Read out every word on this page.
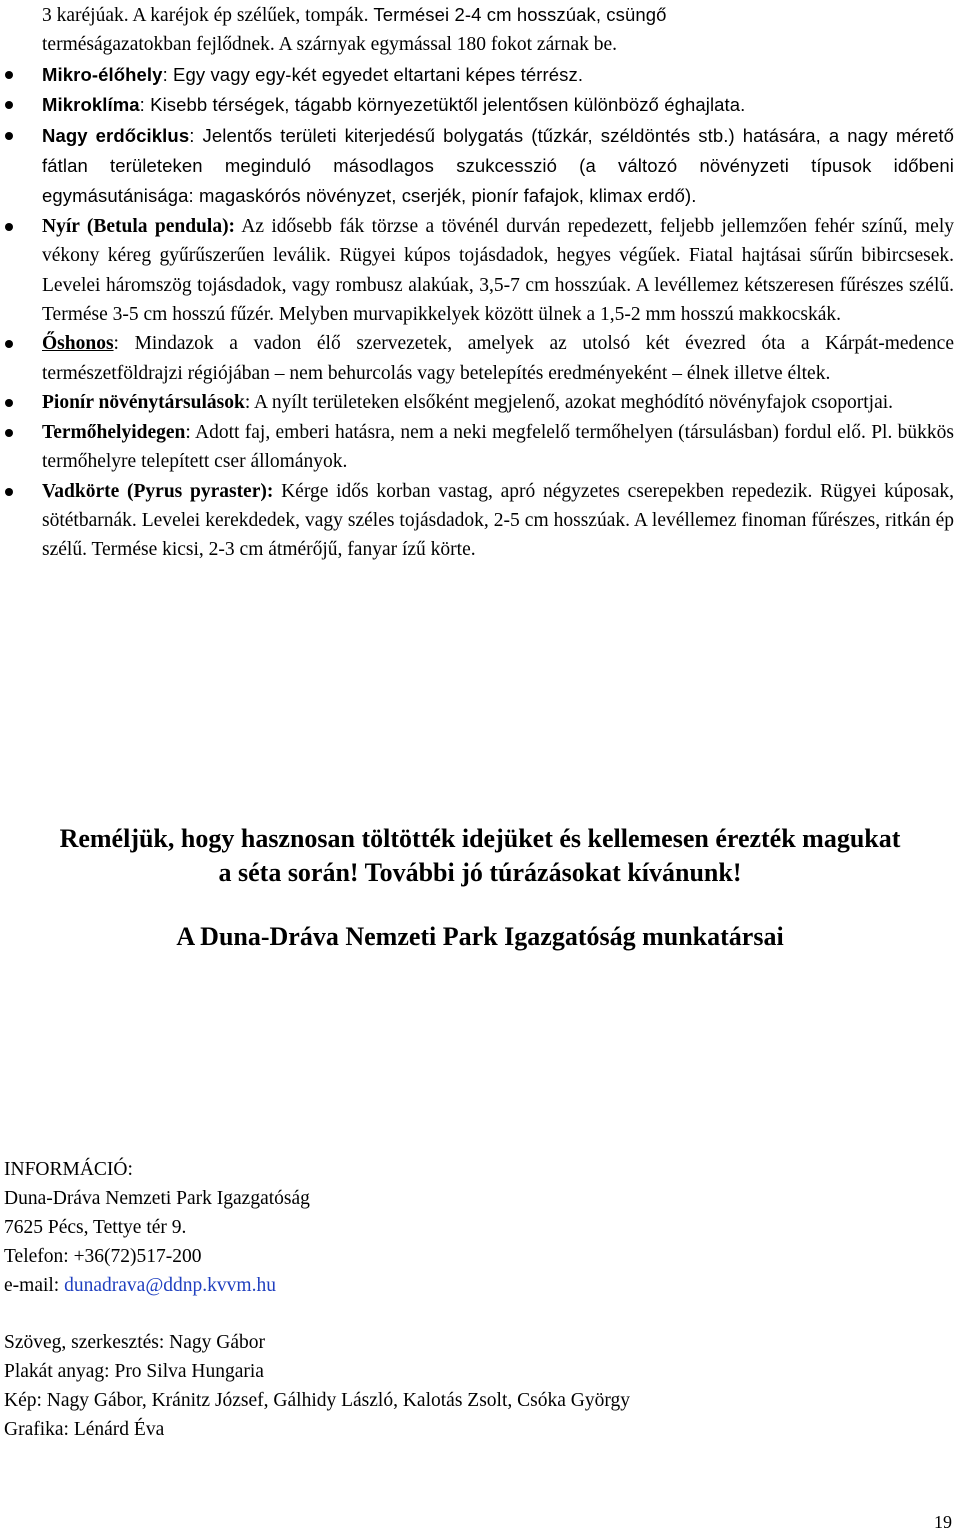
3 karéjúak. A karéjok ép szélűek, tompák. Termései 2-4 cm hosszúak, csüngő
terméságazatokban fejlődnek. A szárnyak egymással 180 fokot zárnak be.

Mikro-élőhely: Egy vagy egy-két egyedet eltartani képes térrész.
Mikroklíma: Kisebb térségek, tágabb környezetüktől jelentősen különböző éghajlata.
Nagy erdőciklus: Jelentős területi kiterjedésű bolygatás (tűzkár, széldöntés stb.) hatására, a nagy mérető fátlan területeken meginduló másodlagos szukcesszió (a változó növényzeti típusok időbeni egymásutánisága: magaskórós növényzet, cserjék, pionír fafajok, klimax erdő).
Nyír (Betula pendula): Az idősebb fák törzse a tövénél durván repedezett, feljebb jellemzően fehér színű, mely vékony kéreg gyűrűszerűen leválik. Rügyei kúpos tojásdadok, hegyes végűek. Fiatal hajtásai sűrűn bibircsesek. Levelei háromszög tojásdadok, vagy rombusz alakúak, 3,5-7 cm hosszúak. A levéllemez kétszeresen fűrészes szélű. Termése 3-5 cm hosszú fűzér. Melyben murvapikkelyek között ülnek a 1,5-2 mm hosszú makkocskák.
Őshonos: Mindazok a vadon élő szervezetek, amelyek az utolsó két évezred óta a Kárpát-medence természetföldrajzi régiójában – nem behurcolás vagy betelepítés eredményeként – élnek illetve éltek.
Pionír növénytársulások: A nyílt területeken elsőként megjelenő, azokat meghódító növényfajok csoportjai.
Termőhelyidegen: Adott faj, emberi hatásra, nem a neki megfelelő termőhelyen (társulásban) fordul elő. Pl. bükkös termőhelyre telepített cser állományok.
Vadkörte (Pyrus pyraster): Kérge idős korban vastag, apró négyzetes cserepekben repedezik. Rügyei kúposak, sötétbarnák. Levelei kerekdedek, vagy széles tojásdadok, 2-5 cm hosszúak. A levéllemez finoman fűrészes, ritkán ép szélű. Termése kicsi, 2-3 cm átmérőjű, fanyar ízű körte.
Reméljük, hogy hasznosan töltötték idejüket és kellemesen érezték magukat
a séta során! További jó túrázásokat kívánunk!
A Duna-Dráva Nemzeti Park Igazgatóság munkatársai
INFORMÁCIÓ:
Duna-Dráva Nemzeti Park Igazgatóság
7625 Pécs, Tettye tér 9.
Telefon: +36(72)517-200
e-mail: dunadrava@ddnp.kvvm.hu
Szöveg, szerkesztés: Nagy Gábor
Plakát anyag: Pro Silva Hungaria
Kép: Nagy Gábor, Kránitz József, Gálhidy László, Kalotás Zsolt, Csóka György
Grafika: Lénárd Éva
19
